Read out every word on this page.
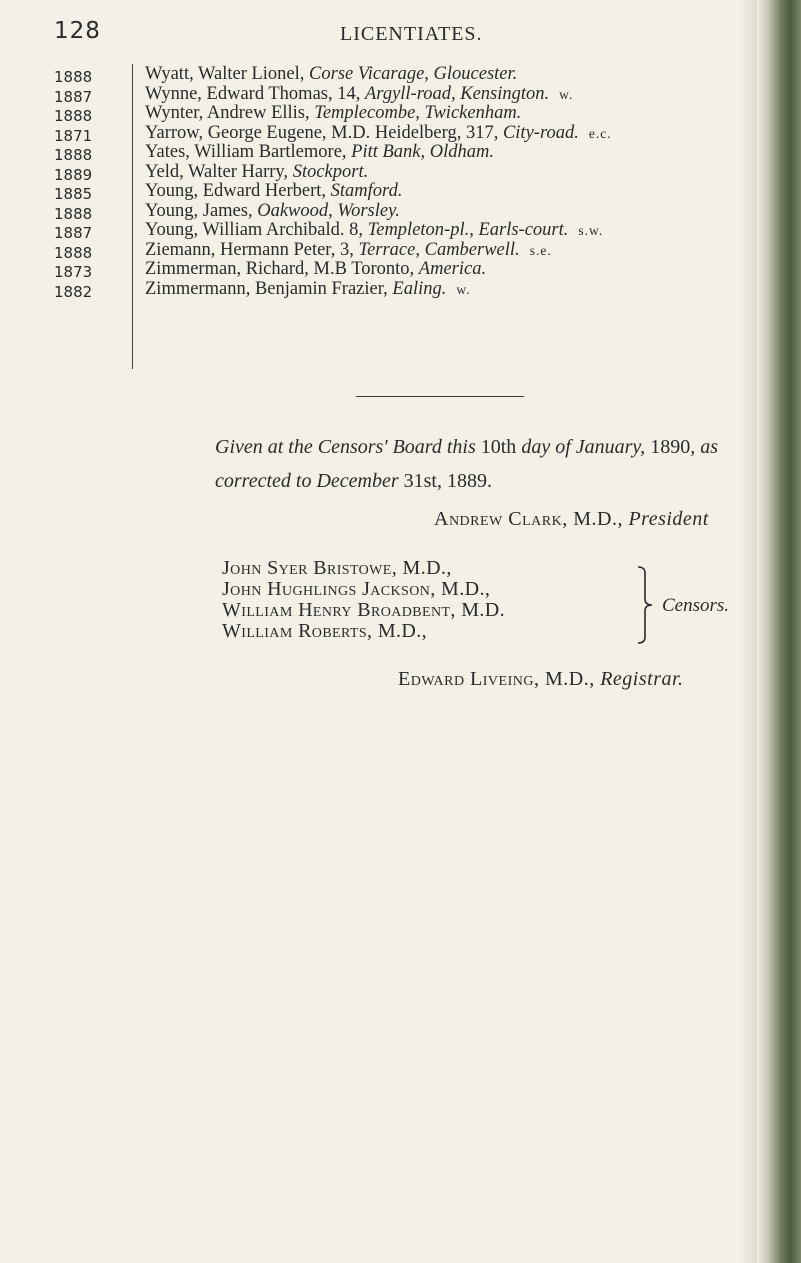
128	LICENTIATES.
1888
1887
1888
1871
1888
1889
1885
1888
1887
1888
1873
1882
Wyatt, Walter Lionel, Corse Vicarage, Gloucester.
Wynne, Edward Thomas, 14, Argyll-road, Kensington. w.
Wynter, Andrew Ellis, Templecombe, Twickenham.
Yarrow, George Eugene, M.D. Heidelberg, 317, City-road. e.c.
Yates, William Bartlemore, Pitt Bank, Oldham.
Yeld, Walter Harry, Stockport.
Young, Edward Herbert, Stamford.
Young, James, Oakwood, Worsley.
Young, William Archibald. 8, Templeton-pl., Earls-court. s.w.
Ziemann, Hermann Peter, 3, Terrace, Camberwell. s.e.
Zimmerman, Richard, M.B Toronto, America.
Zimmermann, Benjamin Frazier, Ealing. w.
Given at the Censors' Board this 10th day of January, 1890, as
corrected to December 31st, 1889.
Andrew Clark, M.D., President
John Syer Bristowe, M.D.,
John Hughlings Jackson, M.D.,
William Henry Broadbent, M.D.
William Roberts, M.D.,
Censors.
Edward Liveing, M.D., Registrar.
